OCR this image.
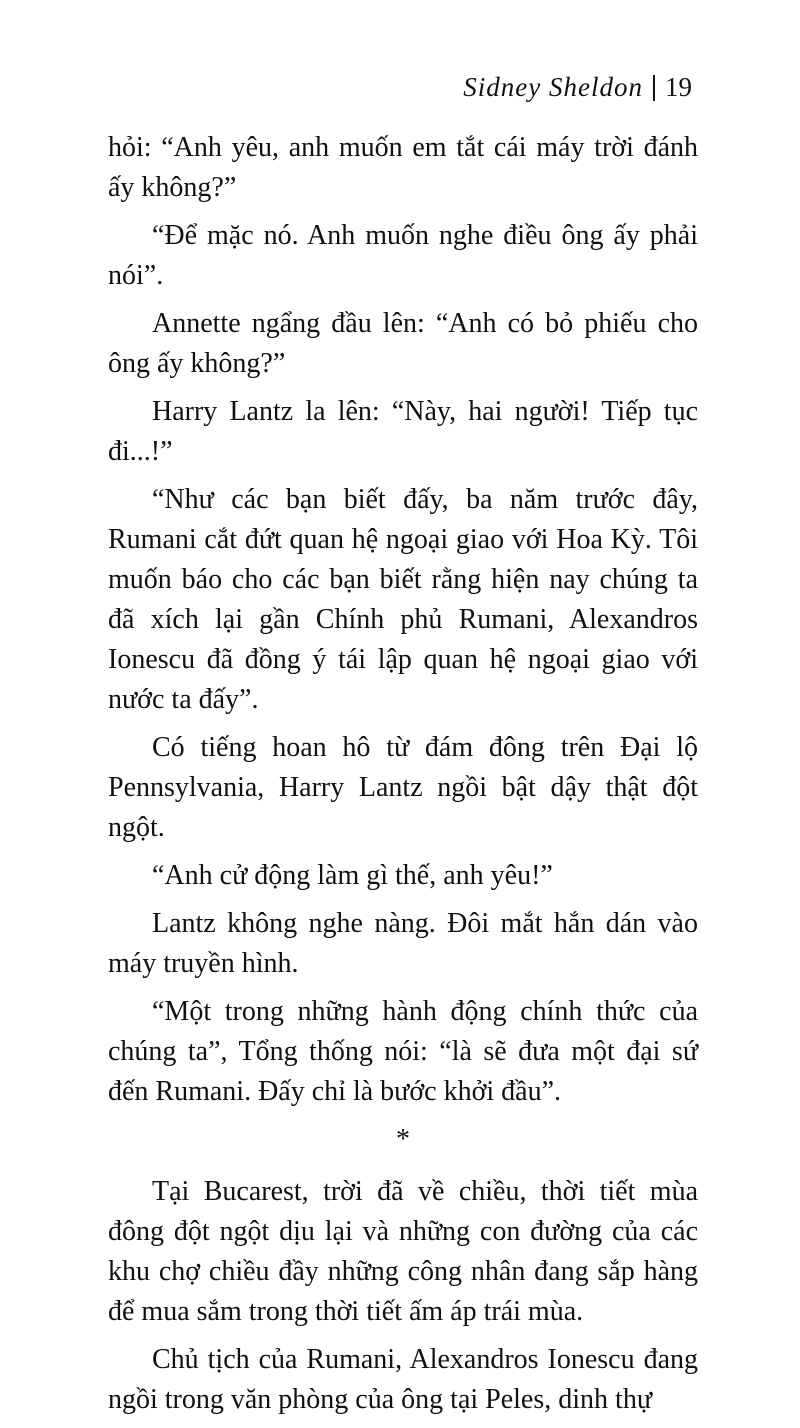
Sidney Sheldon 19

hỏi: “Anh yêu, anh muốn em tắt cái máy trời đánh ấy không?”

“Để mặc nó. Anh muốn nghe điều ông ấy phải nói”.

Annette ngẩng đầu lên: “Anh có bỏ phiếu cho ông ấy không?”

Harry Lantz la lên: “Này, hai người! Tiếp tục đi...!”

“Như các bạn biết đấy, ba năm trước đây, Rumani cắt đứt quan hệ ngoại giao với Hoa Kỳ. Tôi muốn báo cho các bạn biết rằng hiện nay chúng ta đã xích lại gần Chính phủ Rumani, Alexandros Ionescu đã đồng ý tái lập quan hệ ngoại giao với nước ta đấy”.

Có tiếng hoan hô từ đám đông trên Đại lộ Pennsylvania, Harry Lantz ngồi bật dậy thật đột ngột.

“Anh cử động làm gì thế, anh yêu!”

Lantz không nghe nàng. Đôi mắt hắn dán vào máy truyền hình.

“Một trong những hành động chính thức của chúng ta”, Tổng thống nói: “là sẽ đưa một đại sứ đến Rumani. Đấy chỉ là bước khởi đầu”.

*

Tại Bucarest, trời đã về chiều, thời tiết mùa đông đột ngột dịu lại và những con đường của các khu chợ chiều đầy những công nhân đang sắp hàng để mua sắm trong thời tiết ấm áp trái mùa.

Chủ tịch của Rumani, Alexandros Ionescu đang ngồi trong văn phòng của ông tại Peles, dinh thự
